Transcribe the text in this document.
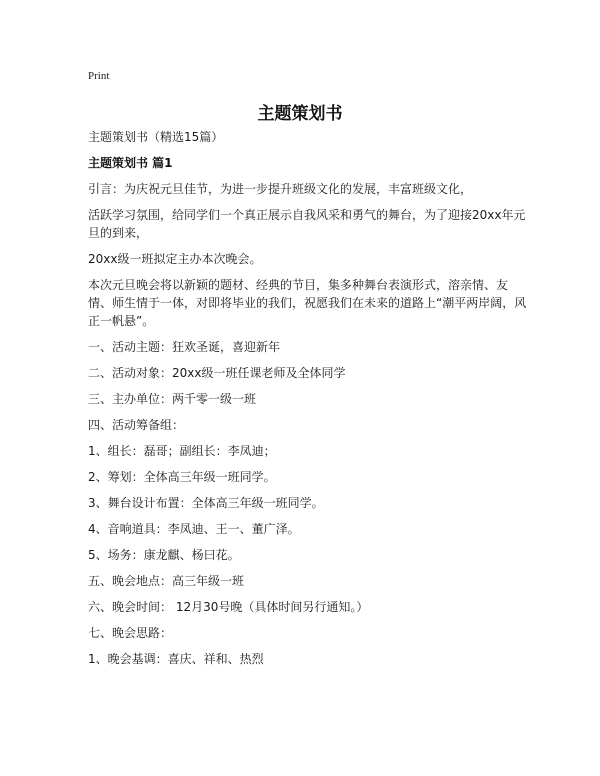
Print
主题策划书

主题策划书（精选15篇）

主题策划书 篇1

引言：为庆祝元旦佳节，为进一步提升班级文化的发展，丰富班级文化，

活跃学习氛围，给同学们一个真正展示自我风采和勇气的舞台，为了迎接20xx年元旦的到来，

20xx级一班拟定主办本次晚会。

本次元旦晚会将以新颖的题材、经典的节目，集多种舞台表演形式，溶亲情、友情、师生情于一体，对即将毕业的我们，祝愿我们在未来的道路上“潮平两岸阔，风正一帆悬”。

一、活动主题：狂欢圣诞，喜迎新年

二、活动对象：20xx级一班任课老师及全体同学

三、主办单位：两千零一级一班

四、活动筹备组：

1、组长：磊哥；副组长：李凤迪；

2、筹划：全体高三年级一班同学。

3、舞台设计布置：全体高三年级一班同学。

4、音响道具：李凤迪、王一、董广泽。

5、场务：康龙麒、杨曰花。

五、晚会地点：高三年级一班

六、晚会时间： 12月30号晚（具体时间另行通知。）

七、晚会思路：

1、晚会基调：喜庆、祥和、热烈
